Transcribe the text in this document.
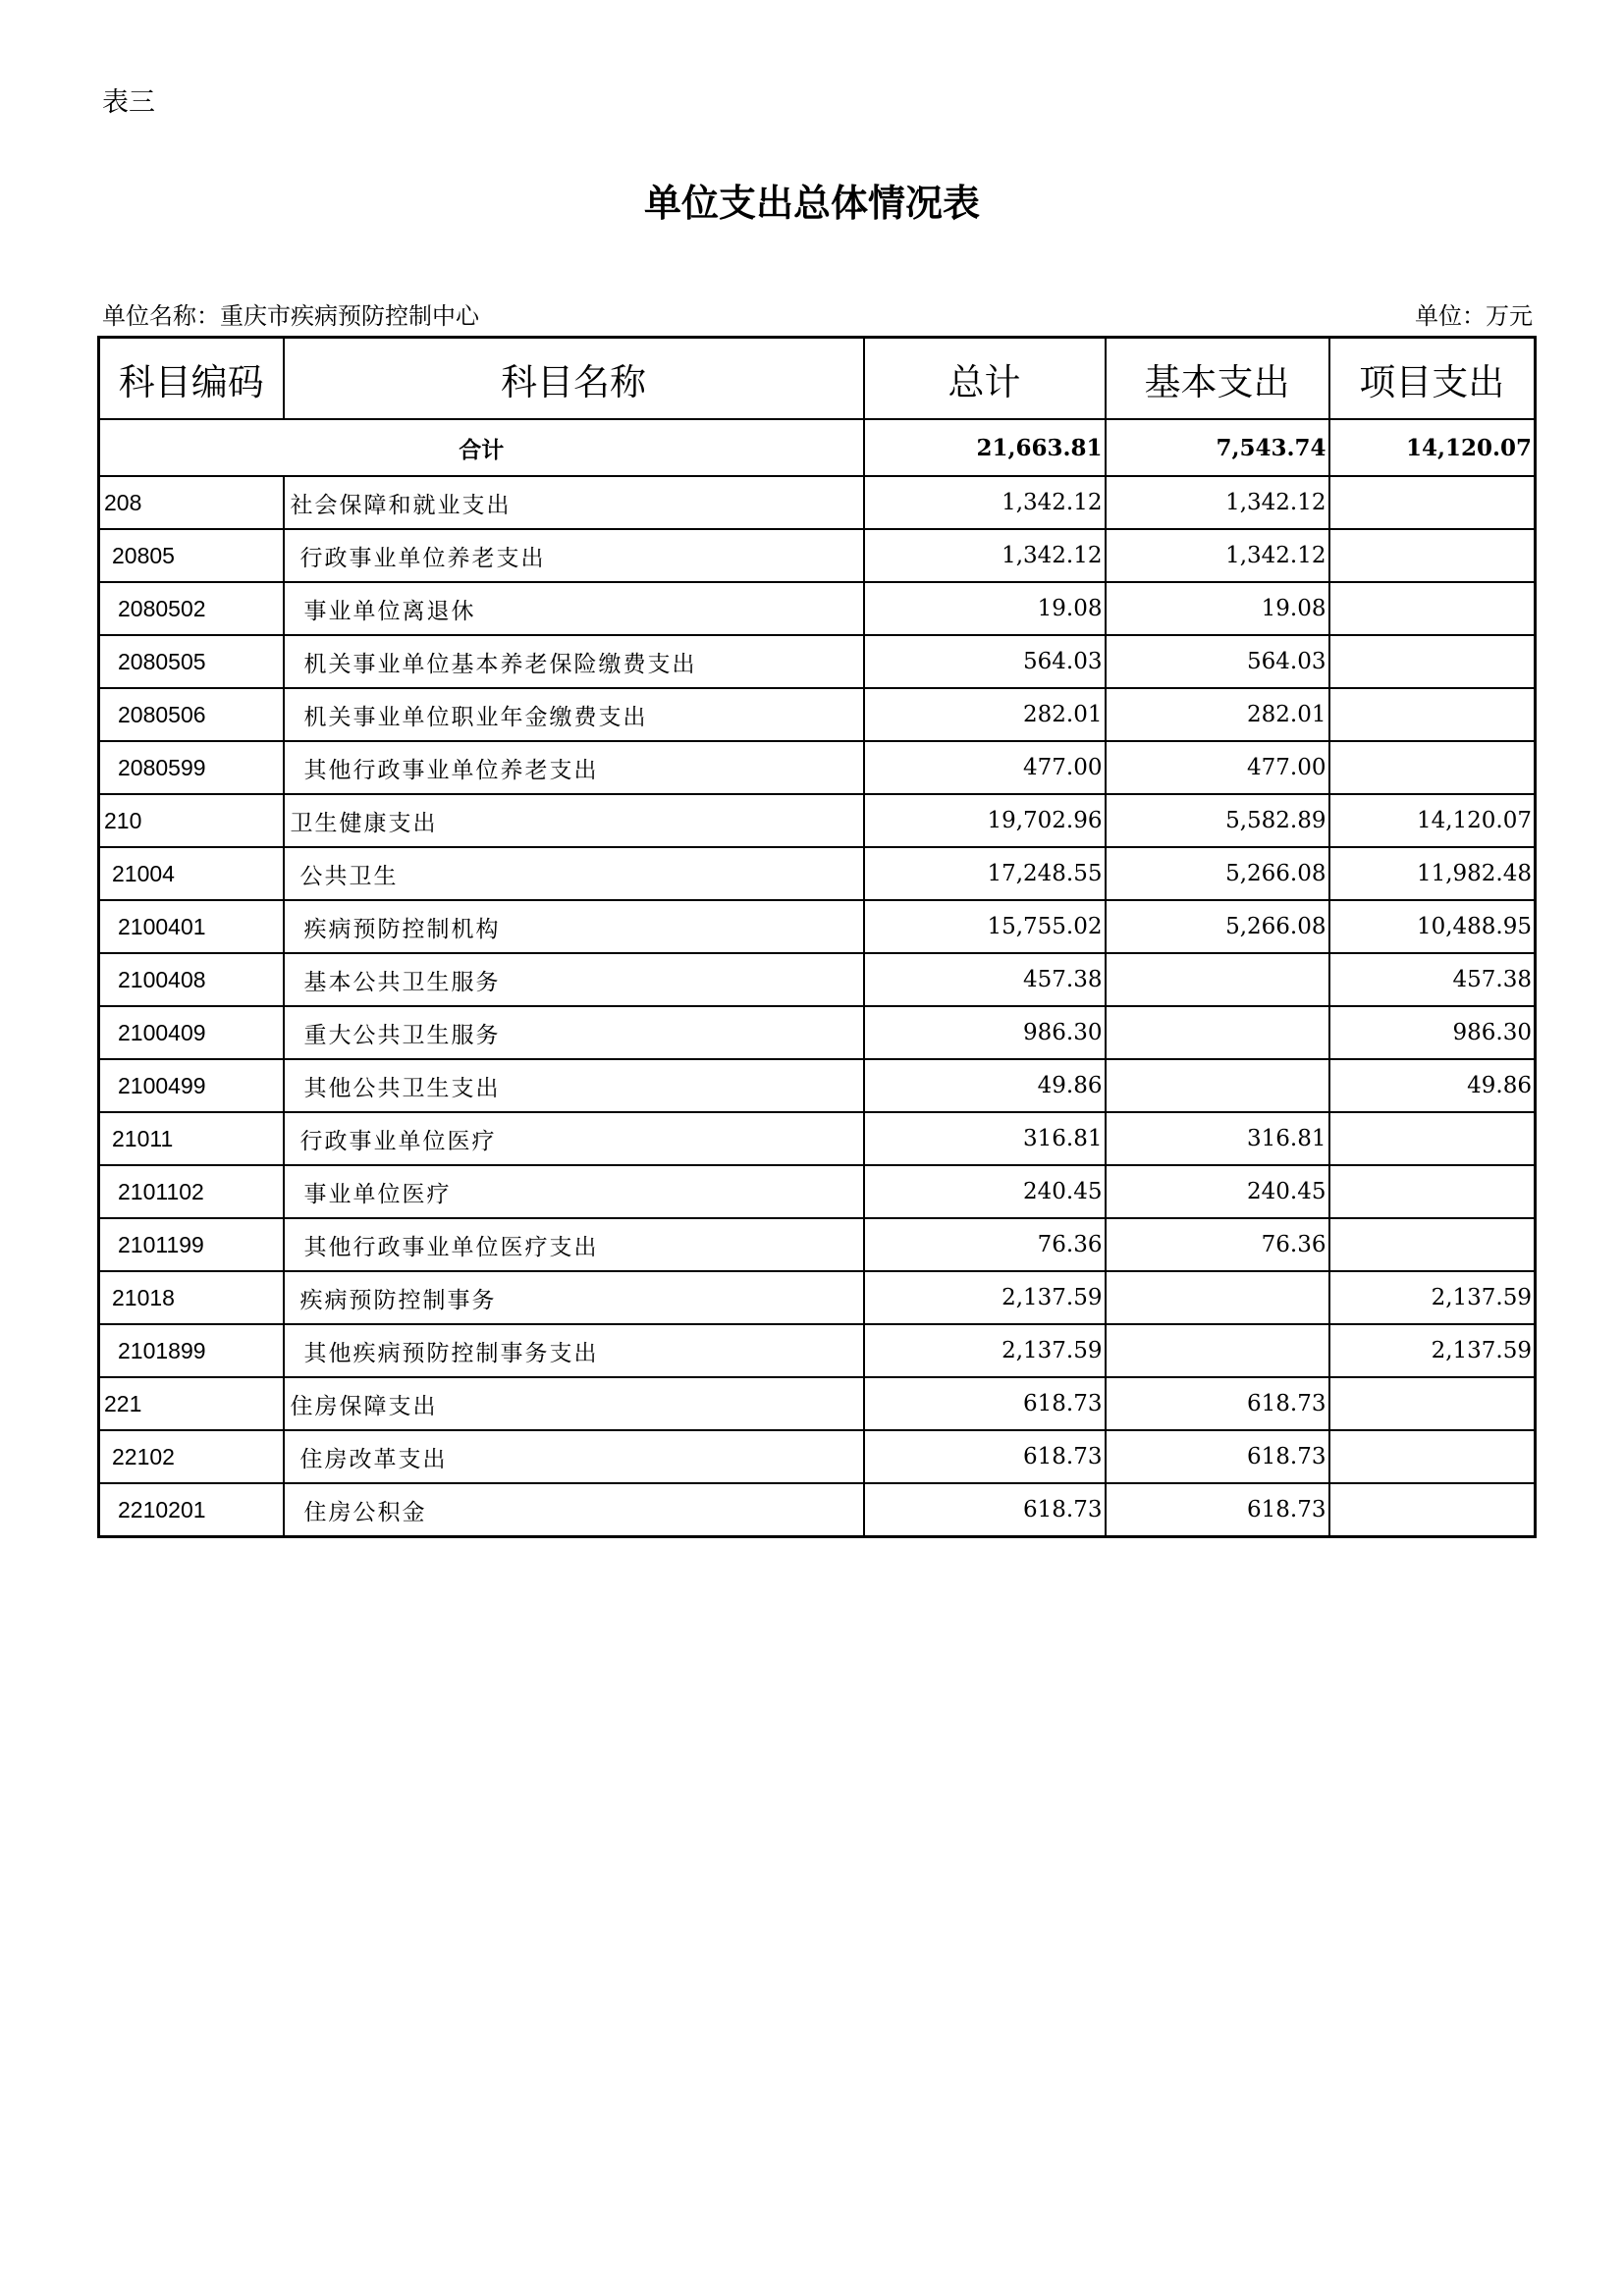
表三
单位支出总体情况表
单位名称：重庆市疾病预防控制中心	单位：万元
科目编码	科目名称	总计	基本支出	项目支出
合计		21,663.81	7,543.74	14,120.07
208	社会保障和就业支出	1,342.12	1,342.12	
20805	行政事业单位养老支出	1,342.12	1,342.12	
2080502	事业单位离退休	19.08	19.08	
2080505	机关事业单位基本养老保险缴费支出	564.03	564.03	
2080506	机关事业单位职业年金缴费支出	282.01	282.01	
2080599	其他行政事业单位养老支出	477.00	477.00	
210	卫生健康支出	19,702.96	5,582.89	14,120.07
21004	公共卫生	17,248.55	5,266.08	11,982.48
2100401	疾病预防控制机构	15,755.02	5,266.08	10,488.95
2100408	基本公共卫生服务	457.38		457.38
2100409	重大公共卫生服务	986.30		986.30
2100499	其他公共卫生支出	49.86		49.86
21011	行政事业单位医疗	316.81	316.81	
2101102	事业单位医疗	240.45	240.45	
2101199	其他行政事业单位医疗支出	76.36	76.36	
21018	疾病预防控制事务	2,137.59		2,137.59
2101899	其他疾病预防控制事务支出	2,137.59		2,137.59
221	住房保障支出	618.73	618.73	
22102	住房改革支出	618.73	618.73	
2210201	住房公积金	618.73	618.73	
